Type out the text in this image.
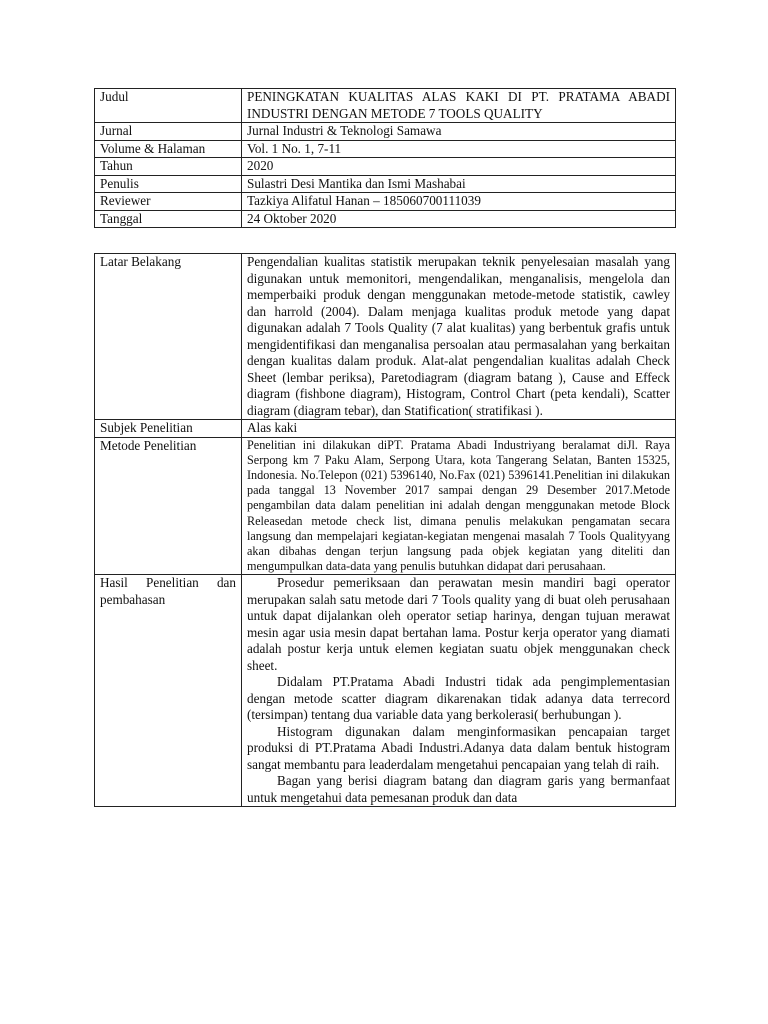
Judul	PENINGKATAN KUALITAS ALAS KAKI DI PT. PRATAMA ABADI INDUSTRI DENGAN METODE 7 TOOLS QUALITY
Jurnal	Jurnal Industri & Teknologi Samawa
Volume & Halaman	Vol. 1 No. 1, 7-11
Tahun	2020
Penulis	Sulastri Desi Mantika dan Ismi Mashabai
Reviewer	Tazkiya Alifatul Hanan – 185060700111039
Tanggal	24 Oktober 2020
Latar Belakang	Pengendalian kualitas statistik merupakan teknik penyelesaian masalah yang digunakan untuk memonitori, mengendalikan, menganalisis, mengelola dan memperbaiki produk dengan menggunakan metode-metode statistik, cawley dan harrold (2004). Dalam menjaga kualitas produk metode yang dapat digunakan adalah 7 Tools Quality (7 alat kualitas) yang berbentuk grafis untuk mengidentifikasi dan menganalisa persoalan atau permasalahan yang berkaitan dengan kualitas dalam produk. Alat-alat pengendalian kualitas adalah Check Sheet (lembar periksa), Paretodiagram (diagram batang ), Cause and Effeck diagram (fishbone diagram), Histogram, Control Chart (peta kendali), Scatter diagram (diagram tebar), dan Statification( stratifikasi ).
Subjek Penelitian	Alas kaki
Metode Penelitian	Penelitian ini dilakukan diPT. Pratama Abadi Industriyang beralamat diJl. Raya Serpong km 7 Paku Alam, Serpong Utara, kota Tangerang Selatan, Banten 15325, Indonesia. No.Telepon (021) 5396140, No.Fax (021) 5396141.Penelitian ini dilakukan pada tanggal 13 November 2017 sampai dengan 29 Desember 2017.Metode pengambilan data dalam penelitian ini adalah dengan menggunakan metode Block Releasedan metode check list, dimana penulis melakukan pengamatan secara langsung dan mempelajari kegiatan-kegiatan mengenai masalah 7 Tools Qualityyang akan dibahas dengan terjun langsung pada objek kegiatan yang diteliti dan mengumpulkan data-data yang penulis butuhkan didapat dari perusahaan.
Hasil Penelitian dan pembahasan	Prosedur pemeriksaan dan perawatan mesin mandiri bagi operator merupakan salah satu metode dari 7 Tools quality yang di buat oleh perusahaan untuk dapat dijalankan oleh operator setiap harinya, dengan tujuan merawat mesin agar usia mesin dapat bertahan lama. Postur kerja operator yang diamati adalah postur kerja untuk elemen kegiatan suatu objek menggunakan check sheet.

Didalam PT.Pratama Abadi Industri tidak ada pengimplementasian dengan metode scatter diagram dikarenakan tidak adanya data terrecord (tersimpan) tentang dua variable data yang berkolerasi( berhubungan ).

Histogram digunakan dalam menginformasikan pencapaian target produksi di PT.Pratama Abadi Industri.Adanya data dalam bentuk histogram sangat membantu para leaderdalam mengetahui pencapaian yang telah di raih.

Bagan yang berisi diagram batang dan diagram garis yang bermanfaat untuk mengetahui data pemesanan produk dan data
